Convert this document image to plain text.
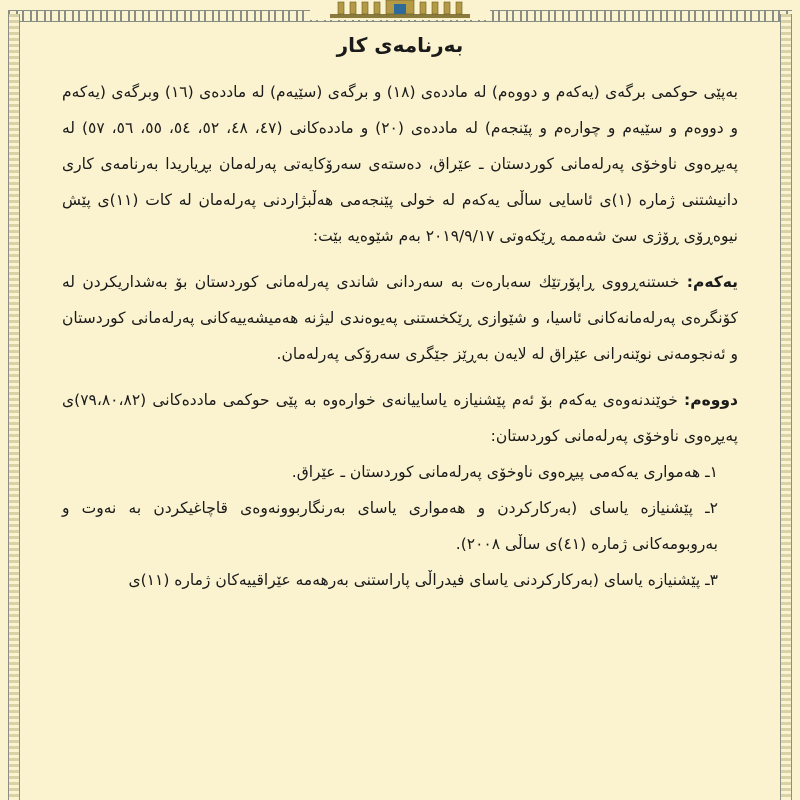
بەرنامەی کار

بەپێی حوکمی برگەی (یەکەم و دووەم) لە ماددەی (١٨) و برگەی (سێیەم) لە ماددەی (١٦) وبرگەی (یەکەم و دووەم و سێیەم و چوارەم و پێنجەم) لە ماددەی (٢٠) و ماددەکانی (٤٧، ٤٨، ٥٢، ٥٤، ٥٥، ٥٦، ٥٧) لە پەیڕەوی ناوخۆی پەرلەمانی کوردستان ـ عێراق، دەستەی سەرۆکایەتی پەرلەمان بڕیاریدا بەرنامەی کاری دانیشتنی ژمارە (١)ی ئاسایی ساڵی یەکەم لە خولی پێنجەمی هەڵبژاردنی پەرلەمان لە کات (١١)ی پێش نیوەڕۆی ڕۆژی سێ شەممە ڕێکەوتی ٢٠١٩/٩/١٧ بەم شێوەیە بێت:

یەکەم: خستنەڕووی ڕاپۆرتێك سەبارەت بە سەردانی شاندی پەرلەمانی کوردستان بۆ بەشداریکردن لە کۆنگرەی پەرلەمانەکانی ئاسیا، و شێوازی ڕێکخستنی پەیوەندی لیژنە هەمیشەییەکانی پەرلەمانی کوردستان و ئەنجومەنی نوێنەرانی عێراق لە لایەن بەڕێز جێگری سەرۆکی پەرلەمان.

دووەم: خوێندنەوەی یەکەم بۆ ئەم پێشنیازە یاساییانەی خوارەوە بە پێی حوکمی ماددەکانی (٧٩،٨٠،٨٢)ی پەیڕەوی ناوخۆی پەرلەمانی کوردستان:

١ـ هەمواری یەکەمی پیڕەوی ناوخۆی پەرلەمانی کوردستان ـ عێراق.

٢ـ پێشنیازە یاسای (بەرکارکردن و هەمواری یاسای بەرنگاربوونەوەی قاچاغیکردن بە نەوت و بەروبومەکانی ژمارە (٤١)ی ساڵی ٢٠٠٨).

٣ـ پێشنیازە یاسای (بەرکارکردنی یاسای فیدراڵی پاراستنی بەرهەمە عێراقییەکان ژمارە (١١)ی
